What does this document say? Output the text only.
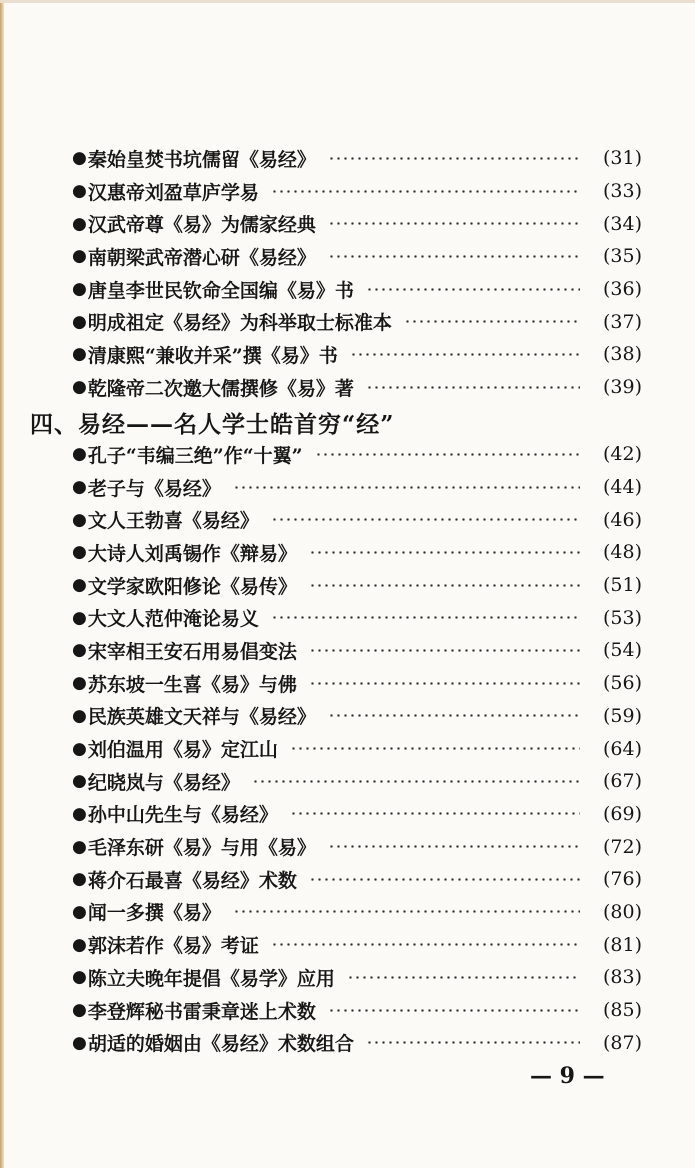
● 秦始皇焚书坑儒留《易经》	(31)
● 汉惠帝刘盈草庐学易	(33)
● 汉武帝尊《易》为儒家经典	(34)
● 南朝梁武帝潜心研《易经》	(35)
● 唐皇李世民钦命全国编《易》书	(36)
● 明成祖定《易经》为科举取士标准本	(37)
● 清康熙“兼收并采”撰《易》书	(38)
● 乾隆帝二次邀大儒撰修《易》著	(39)
四、易经——名人学士皓首穷“经”
● 孔子“韦编三绝”作“十翼”	(42)
● 老子与《易经》	(44)
● 文人王勃喜《易经》	(46)
● 大诗人刘禹锡作《辩易》	(48)
● 文学家欧阳修论《易传》	(51)
● 大文人范仲淹论易义	(53)
● 宋宰相王安石用易倡变法	(54)
● 苏东坡一生喜《易》与佛	(56)
● 民族英雄文天祥与《易经》	(59)
● 刘伯温用《易》定江山	(64)
● 纪晓岚与《易经》	(67)
● 孙中山先生与《易经》	(69)
● 毛泽东研《易》与用《易》	(72)
● 蒋介石最喜《易经》术数	(76)
● 闻一多撰《易》	(80)
● 郭沫若作《易》考证	(81)
● 陈立夫晚年提倡《易学》应用	(83)
● 李登辉秘书雷秉章迷上术数	(85)
● 胡适的婚姻由《易经》术数组合	(87)
— 9 —
